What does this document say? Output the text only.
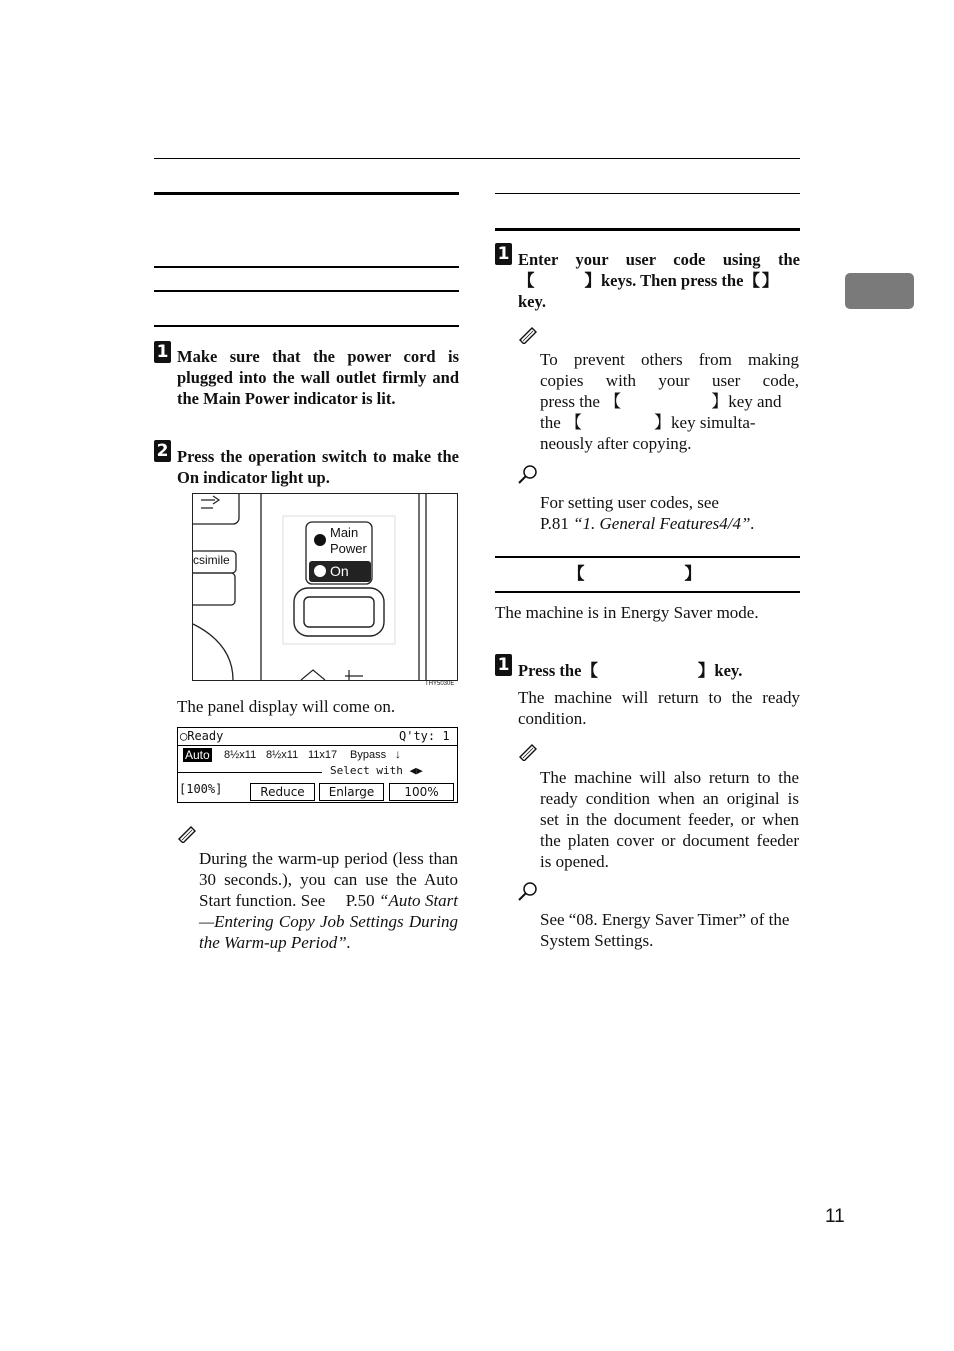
1 Make sure that the power cord is plugged into the wall outlet firmly and the Main Power indicator is lit.
2 Press the operation switch to make the On indicator light up.
csimile
Main Power
On
THY5030E
The panel display will come on.
◯Ready	Q'ty: 1
Auto 8½x11 8½x11 11x17 Bypass ↓
Select with ◀▶
[100%]	Reduce	Enlarge	100%
During the warm-up period (less than 30 seconds.), you can use the Auto Start function. See P.50 “Auto Start—Entering Copy Job Settings During the Warm-up Period”.
1 Enter your user code using the
【	】keys. Then press the【 】
key.
To prevent others from making
copies with your user code,
press the 【	】key and
the 【	】key simulta-
neously after copying.
For setting user codes, see
P.81 “1. General Features4/4”.
【	】
The machine is in Energy Saver mode.
1 Press the【	】key.
The machine will return to the ready condition.
The machine will also return to the ready condition when an original is set in the document feeder, or when the platen cover or document feeder is opened.
See “08. Energy Saver Timer” of the System Settings.
11
